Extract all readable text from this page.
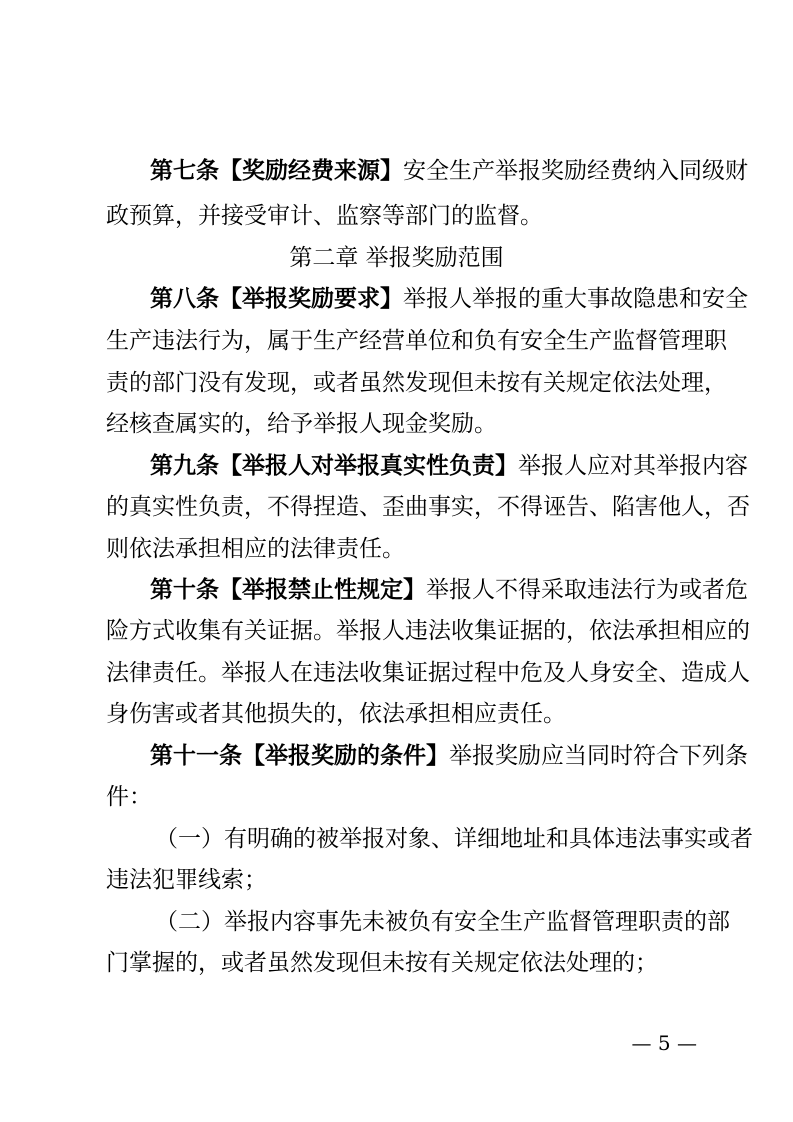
第七条【奖励经费来源】安全生产举报奖励经费纳入同级财
政预算，并接受审计、监察等部门的监督。
第二章 举报奖励范围
第八条【举报奖励要求】举报人举报的重大事故隐患和安全
生产违法行为，属于生产经营单位和负有安全生产监督管理职
责的部门没有发现，或者虽然发现但未按有关规定依法处理，
经核查属实的，给予举报人现金奖励。
第九条【举报人对举报真实性负责】举报人应对其举报内容
的真实性负责，不得捏造、歪曲事实，不得诬告、陷害他人，否
则依法承担相应的法律责任。
第十条【举报禁止性规定】举报人不得采取违法行为或者危
险方式收集有关证据。举报人违法收集证据的，依法承担相应的
法律责任。举报人在违法收集证据过程中危及人身安全、造成人
身伤害或者其他损失的，依法承担相应责任。
第十一条【举报奖励的条件】举报奖励应当同时符合下列条
件：
（一）有明确的被举报对象、详细地址和具体违法事实或者
违法犯罪线索；
（二）举报内容事先未被负有安全生产监督管理职责的部
门掌握的，或者虽然发现但未按有关规定依法处理的；
— 5 —
